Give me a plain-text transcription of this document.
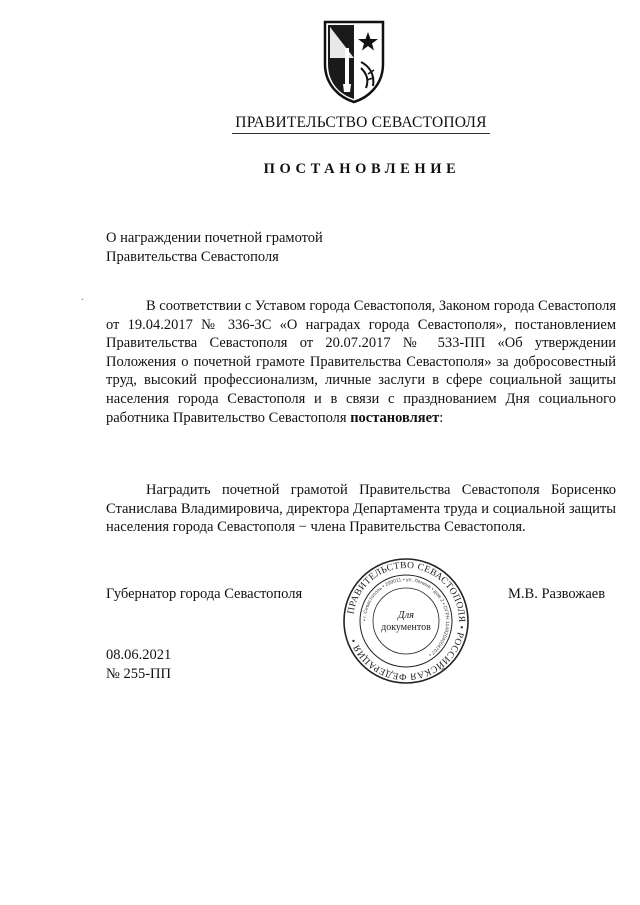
ПРАВИТЕЛЬСТВО СЕВАСТОПОЛЯ
ПОСТАНОВЛЕНИЕ
О награждении почетной грамотой
Правительства Севастополя
.
В соответствии с Уставом города Севастополя, Законом города Севастополя от 19.04.2017 № 336-ЗС «О наградах города Севастополя», постановлением Правительства Севастополя от 20.07.2017 № 533-ПП «Об утверждении Положения о почетной грамоте Правительства Севастополя» за добросовестный труд, высокий профессионализм, личные заслуги в сфере социальной защиты населения города Севастополя и в связи с празднованием Дня социального работника Правительство Севастополя постановляет:
Наградить почетной грамотой Правительства Севастополя Борисенко Станислава Владимировича, директора Департамента труда и социальной защиты населения города Севастополя − члена Правительства Севастополя.
Губернатор города Севастополя	М.В. Развожаев
ПРАВИТЕЛЬСТВО СЕВАСТОПОЛЯ • РОССИЙСКАЯ ФЕДЕРАЦИЯ •
• г. Севастополь • 299011 • ул. Ленина • дом 2 • ОГРН 1149204004707 •
Для
документов
08.06.2021
№ 255-ПП
